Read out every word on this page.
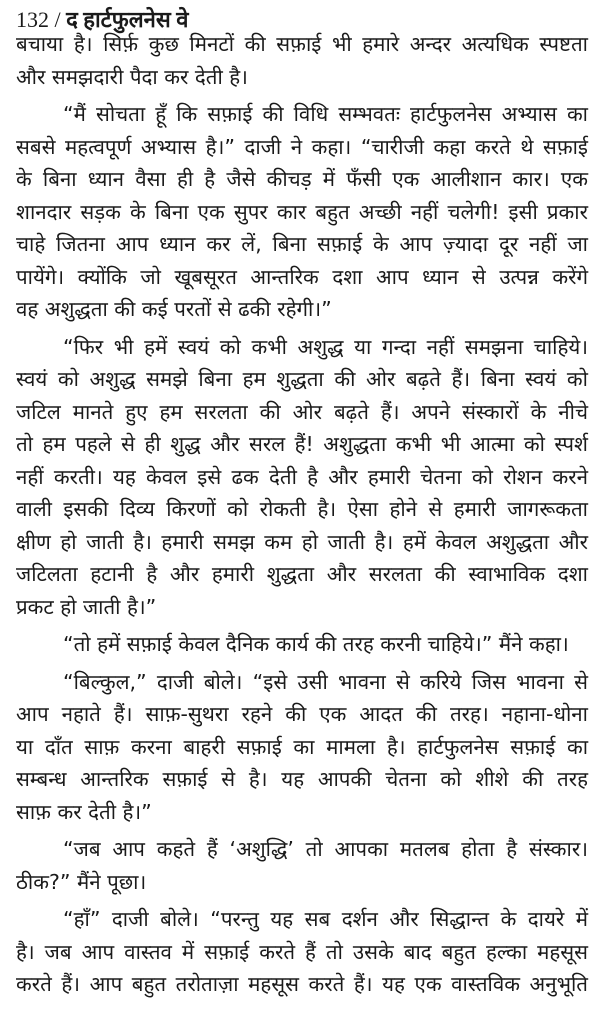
132 / द हार्टफुलनेस वे
बचाया है। सिर्फ़ कुछ मिनटों की सफ़ाई भी हमारे अन्दर अत्यधिक स्पष्टता
और समझदारी पैदा कर देती है।
“मैं सोचता हूँ कि सफ़ाई की विधि सम्भवतः हार्टफुलनेस अभ्यास का
सबसे महत्वपूर्ण अभ्यास है।” दाजी ने कहा। “चारीजी कहा करते थे सफ़ाई
के बिना ध्यान वैसा ही है जैसे कीचड़ में फँसी एक आलीशान कार। एक
शानदार सड़क के बिना एक सुपर कार बहुत अच्छी नहीं चलेगी! इसी प्रकार
चाहे जितना आप ध्यान कर लें, बिना सफ़ाई के आप ज़्यादा दूर नहीं जा
पायेंगे। क्योंकि जो खूबसूरत आन्तरिक दशा आप ध्यान से उत्पन्न करेंगे
वह अशुद्धता की कई परतों से ढकी रहेगी।”
“फिर भी हमें स्वयं को कभी अशुद्ध या गन्दा नहीं समझना चाहिये।
स्वयं को अशुद्ध समझे बिना हम शुद्धता की ओर बढ़ते हैं। बिना स्वयं को
जटिल मानते हुए हम सरलता की ओर बढ़ते हैं। अपने संस्कारों के नीचे
तो हम पहले से ही शुद्ध और सरल हैं! अशुद्धता कभी भी आत्मा को स्पर्श
नहीं करती। यह केवल इसे ढक देती है और हमारी चेतना को रोशन करने
वाली इसकी दिव्य किरणों को रोकती है। ऐसा होने से हमारी जागरूकता
क्षीण हो जाती है। हमारी समझ कम हो जाती है। हमें केवल अशुद्धता और
जटिलता हटानी है और हमारी शुद्धता और सरलता की स्वाभाविक दशा
प्रकट हो जाती है।”
“तो हमें सफ़ाई केवल दैनिक कार्य की तरह करनी चाहिये।” मैंने कहा।
“बिल्कुल,” दाजी बोले। “इसे उसी भावना से करिये जिस भावना से
आप नहाते हैं। साफ़-सुथरा रहने की एक आदत की तरह। नहाना-धोना
या दाँत साफ़ करना बाहरी सफ़ाई का मामला है। हार्टफुलनेस सफ़ाई का
सम्बन्ध आन्तरिक सफ़ाई से है। यह आपकी चेतना को शीशे की तरह
साफ़ कर देती है।”
“जब आप कहते हैं ‘अशुद्धि’ तो आपका मतलब होता है संस्कार।
ठीक?” मैंने पूछा।
“हाँ” दाजी बोले। “परन्तु यह सब दर्शन और सिद्धान्त के दायरे में
है। जब आप वास्तव में सफ़ाई करते हैं तो उसके बाद बहुत हल्का महसूस
करते हैं। आप बहुत तरोताज़ा महसूस करते हैं। यह एक वास्तविक अनुभूति
